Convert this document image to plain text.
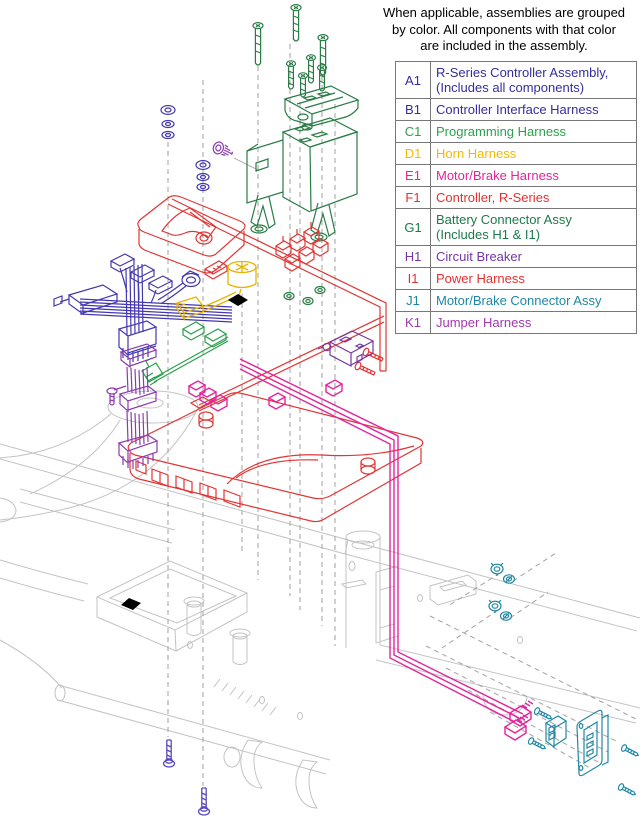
When applicable, assemblies are grouped
by color. All components with that color
are included in the assembly.
A1	R-Series Controller Assembly,
(Includes all components)

B1	Controller Interface Harness

C1	Programming Harness

D1	Horn Harness

E1	Motor/Brake Harness

F1	Controller, R-Series

G1	Battery Connector Assy
(Includes H1 & I1)

H1	Circuit Breaker

I1	Power Harness

J1	Motor/Brake Connector Assy

K1	Jumper Harness
